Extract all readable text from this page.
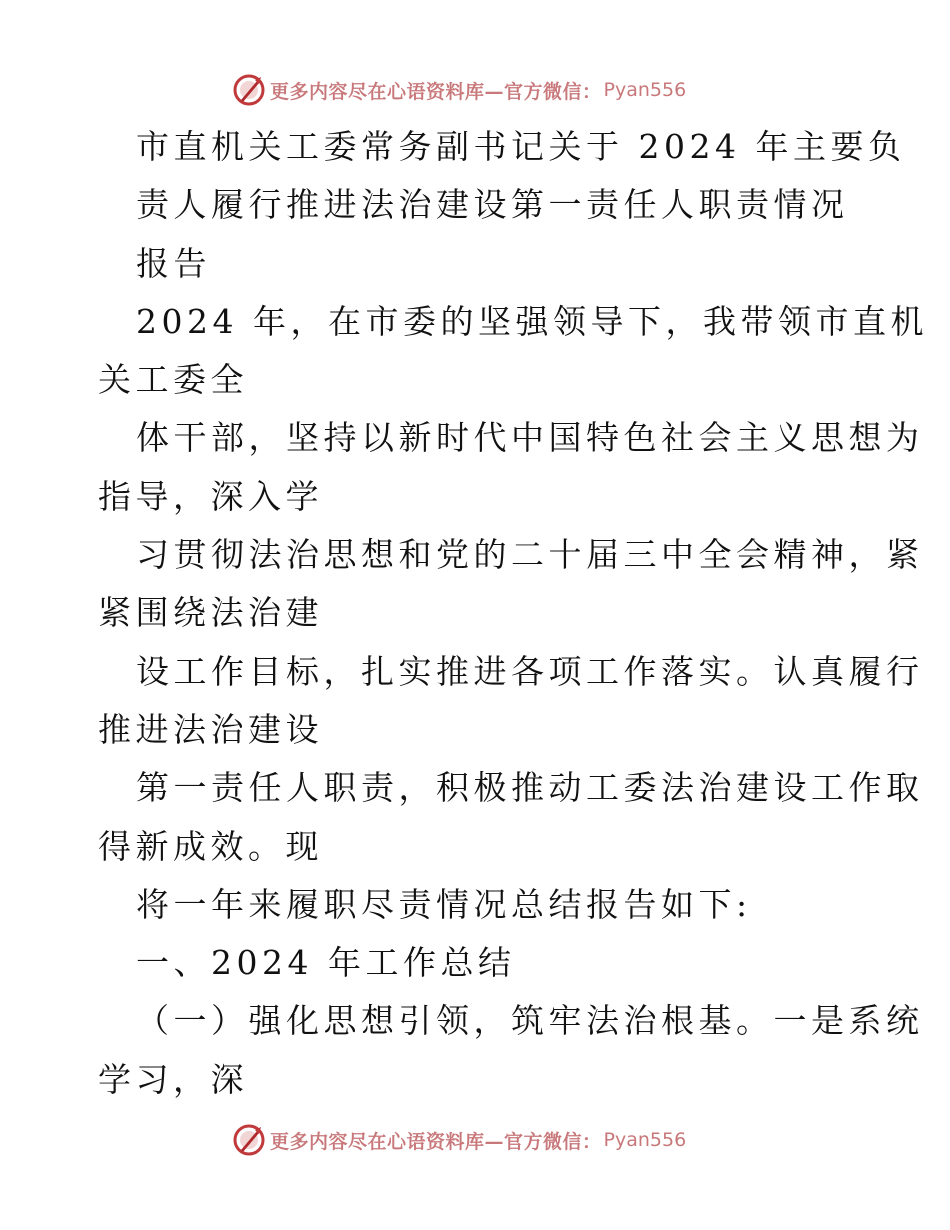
更多内容尽在心语资料库—官方微信： Pyan556
市直机关工委常务副书记关于 2024 年主要负
责人履行推进法治建设第一责任人职责情况
报告
2024 年，在市委的坚强领导下，我带领市直机
关工委全
体干部，坚持以新时代中国特色社会主义思想为
指导，深入学
习贯彻法治思想和党的二十届三中全会精神，紧
紧围绕法治建
设工作目标，扎实推进各项工作落实。认真履行
推进法治建设
第一责任人职责，积极推动工委法治建设工作取
得新成效。现
将一年来履职尽责情况总结报告如下:
一、2024 年工作总结
（一）强化思想引领，筑牢法治根基。一是系统
学习，深
更多内容尽在心语资料库—官方微信： Pyan556
